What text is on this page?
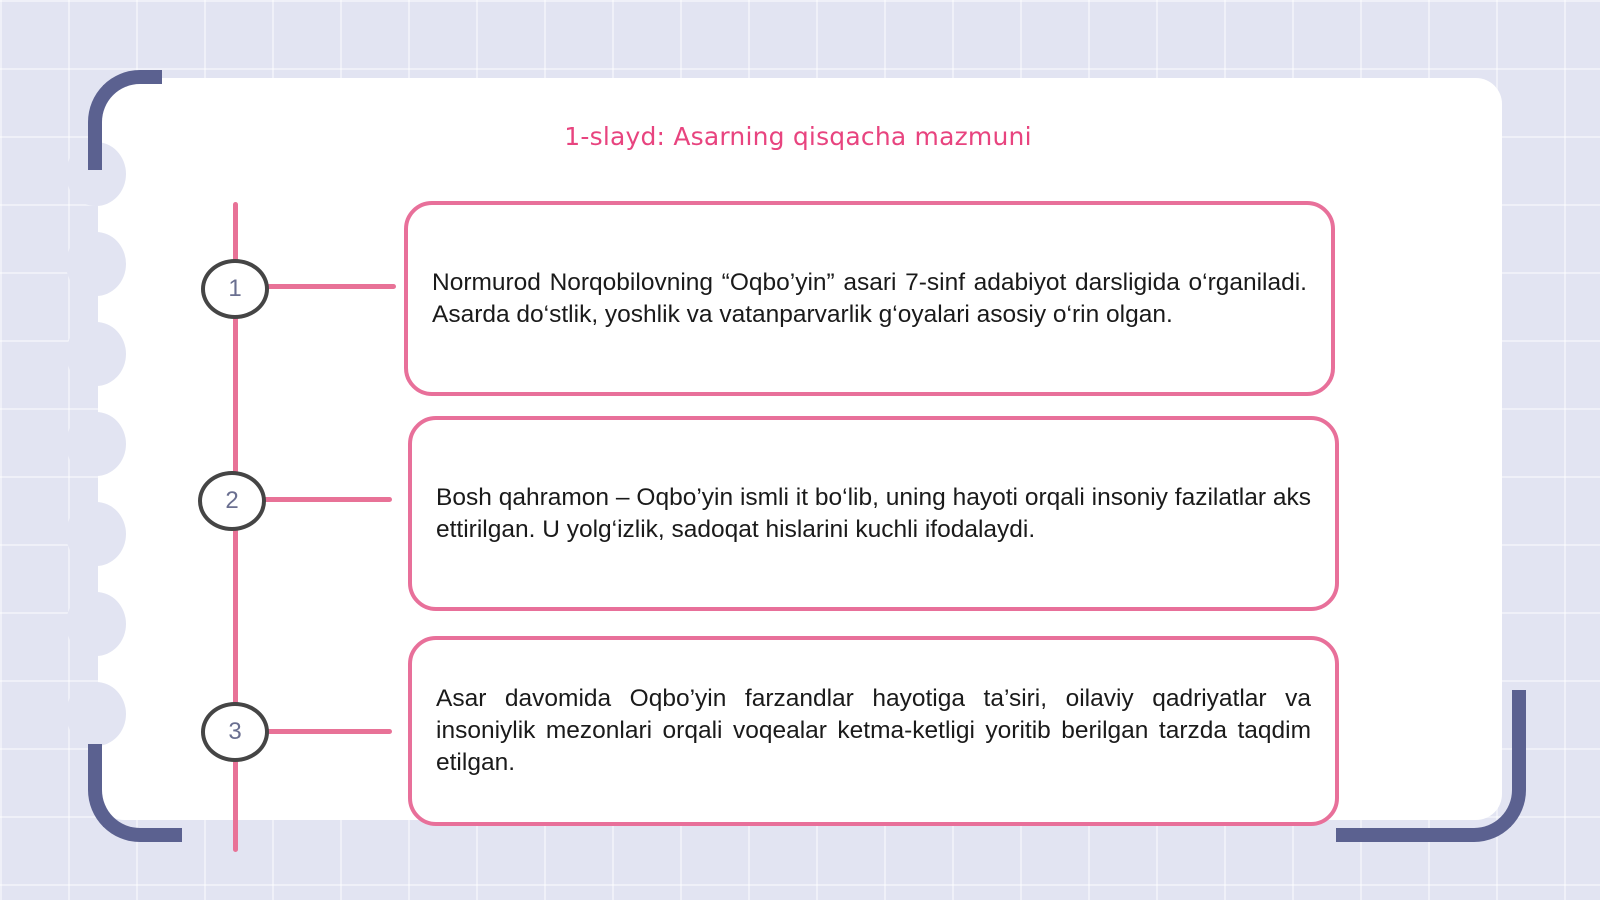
1-slayd: Asarning qisqacha mazmuni
1
2
3
Normurod Norqobilovning “Oqbo’yin” asari 7-sinf adabiyot darsligida o‘rganiladi. Asarda do‘stlik, yoshlik va vatanparvarlik g‘oyalari asosiy o‘rin olgan.
Bosh qahramon – Oqbo’yin ismli it bo‘lib, uning hayoti orqali insoniy fazilatlar aks ettirilgan. U yolg‘izlik, sadoqat hislarini kuchli ifodalaydi.
Asar davomida Oqbo’yin farzandlar hayotiga ta’siri, oilaviy qadriyatlar va insoniylik mezonlari orqali voqealar ketma-ketligi yoritib berilgan tarzda taqdim etilgan.
